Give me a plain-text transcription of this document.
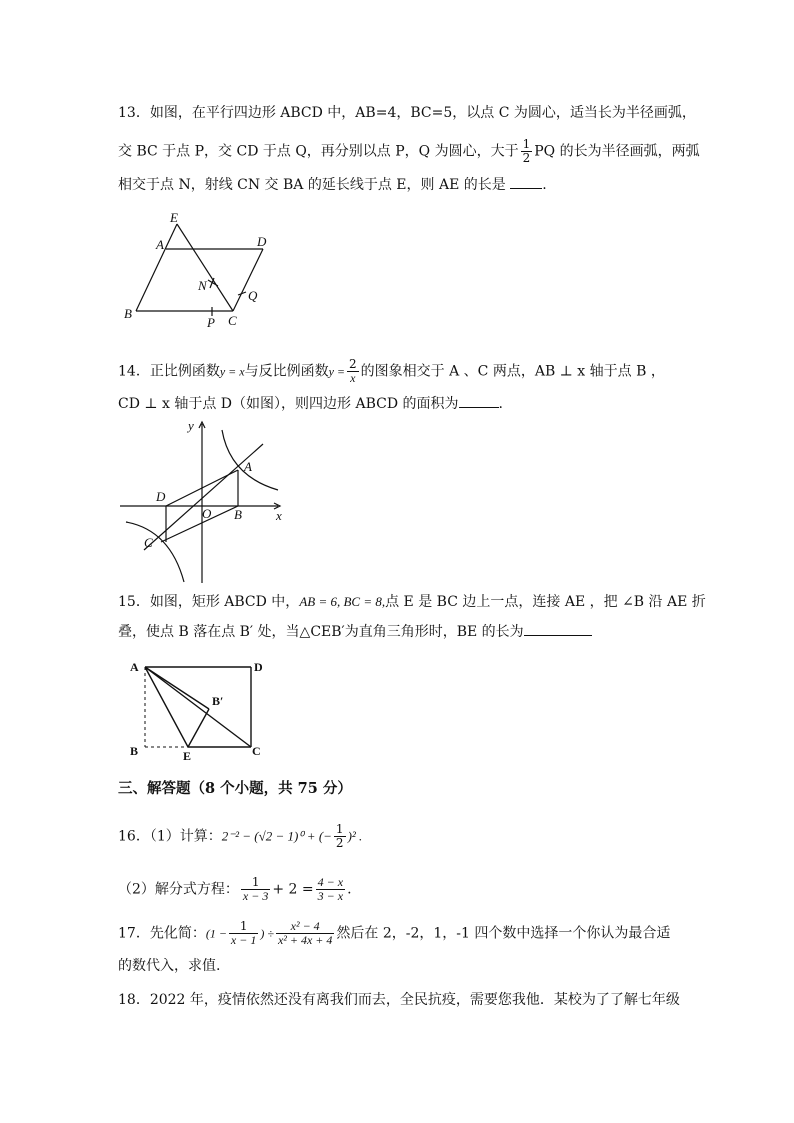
13．如图，在平行四边形 ABCD 中，AB=4，BC=5，以点 C 为圆心，适当长为半径画弧，
交 BC 于点 P，交 CD 于点 Q，再分别以点 P，Q 为圆心，大于 $\frac{1}{2}$ PQ 的长为半径画弧，两弧
相交于点 N，射线 CN 交 BA 的延长线于点 E，则 AE 的长是	.
E
A	D
N
Q
B
P C
14．正比例函数y = x与反比例函数$y = \frac{2}{x}$ 的图象相交于 A 、C 两点，AB ⊥ x 轴于点 B ，
CD ⊥ x 轴于点 D（如图），则四边形 ABCD 的面积为	.
y
A
D
O B	x
C
15．如图，矩形 ABCD 中，AB = 6, BC = 8,点 E 是 BC 边上一点，连接 AE ，把 ∠B 沿 AE 折
叠，使点 B 落在点 B′ 处，当△CEB′为直角三角形时，BE 的长为
A	D
B′
B	E	C
三、解答题（8 个小题，共 75 分）
16．（1）计算：2⁻² − (√2 − 1)⁰ + (− $\frac{1}{2} )^2$ .
（2）解分式方程： $\frac{1}{x - 3} + 2 = \frac{4 - x}{3 - x}$ .
17．先化简：($1 - \frac{1}{x - 1}$ ) ÷ $\frac{\text{x² − 4}}{\text{x² + 4x + 4}}$ 然后在 2，-2，1，-1 四个数中选择一个你认为最合适
的数代入，求值.
18．2022 年，疫情依然还没有离我们而去，全民抗疫，需要您我他．某校为了了解七年级
